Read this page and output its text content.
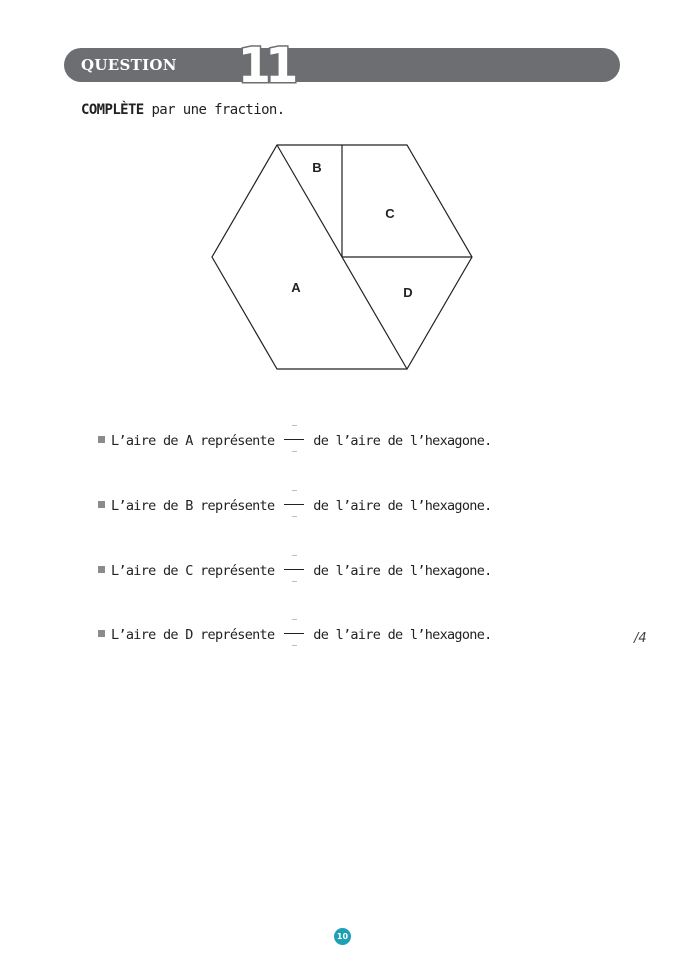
QUESTION 11
COMPLÈTE par une fraction.
B
C
A	D
L’aire de A représente	de l’aire de l’hexagone.
L’aire de B représente	de l’aire de l’hexagone.
L’aire de C représente	de l’aire de l’hexagone.
L’aire de D représente	de l’aire de l’hexagone.	/4
10
